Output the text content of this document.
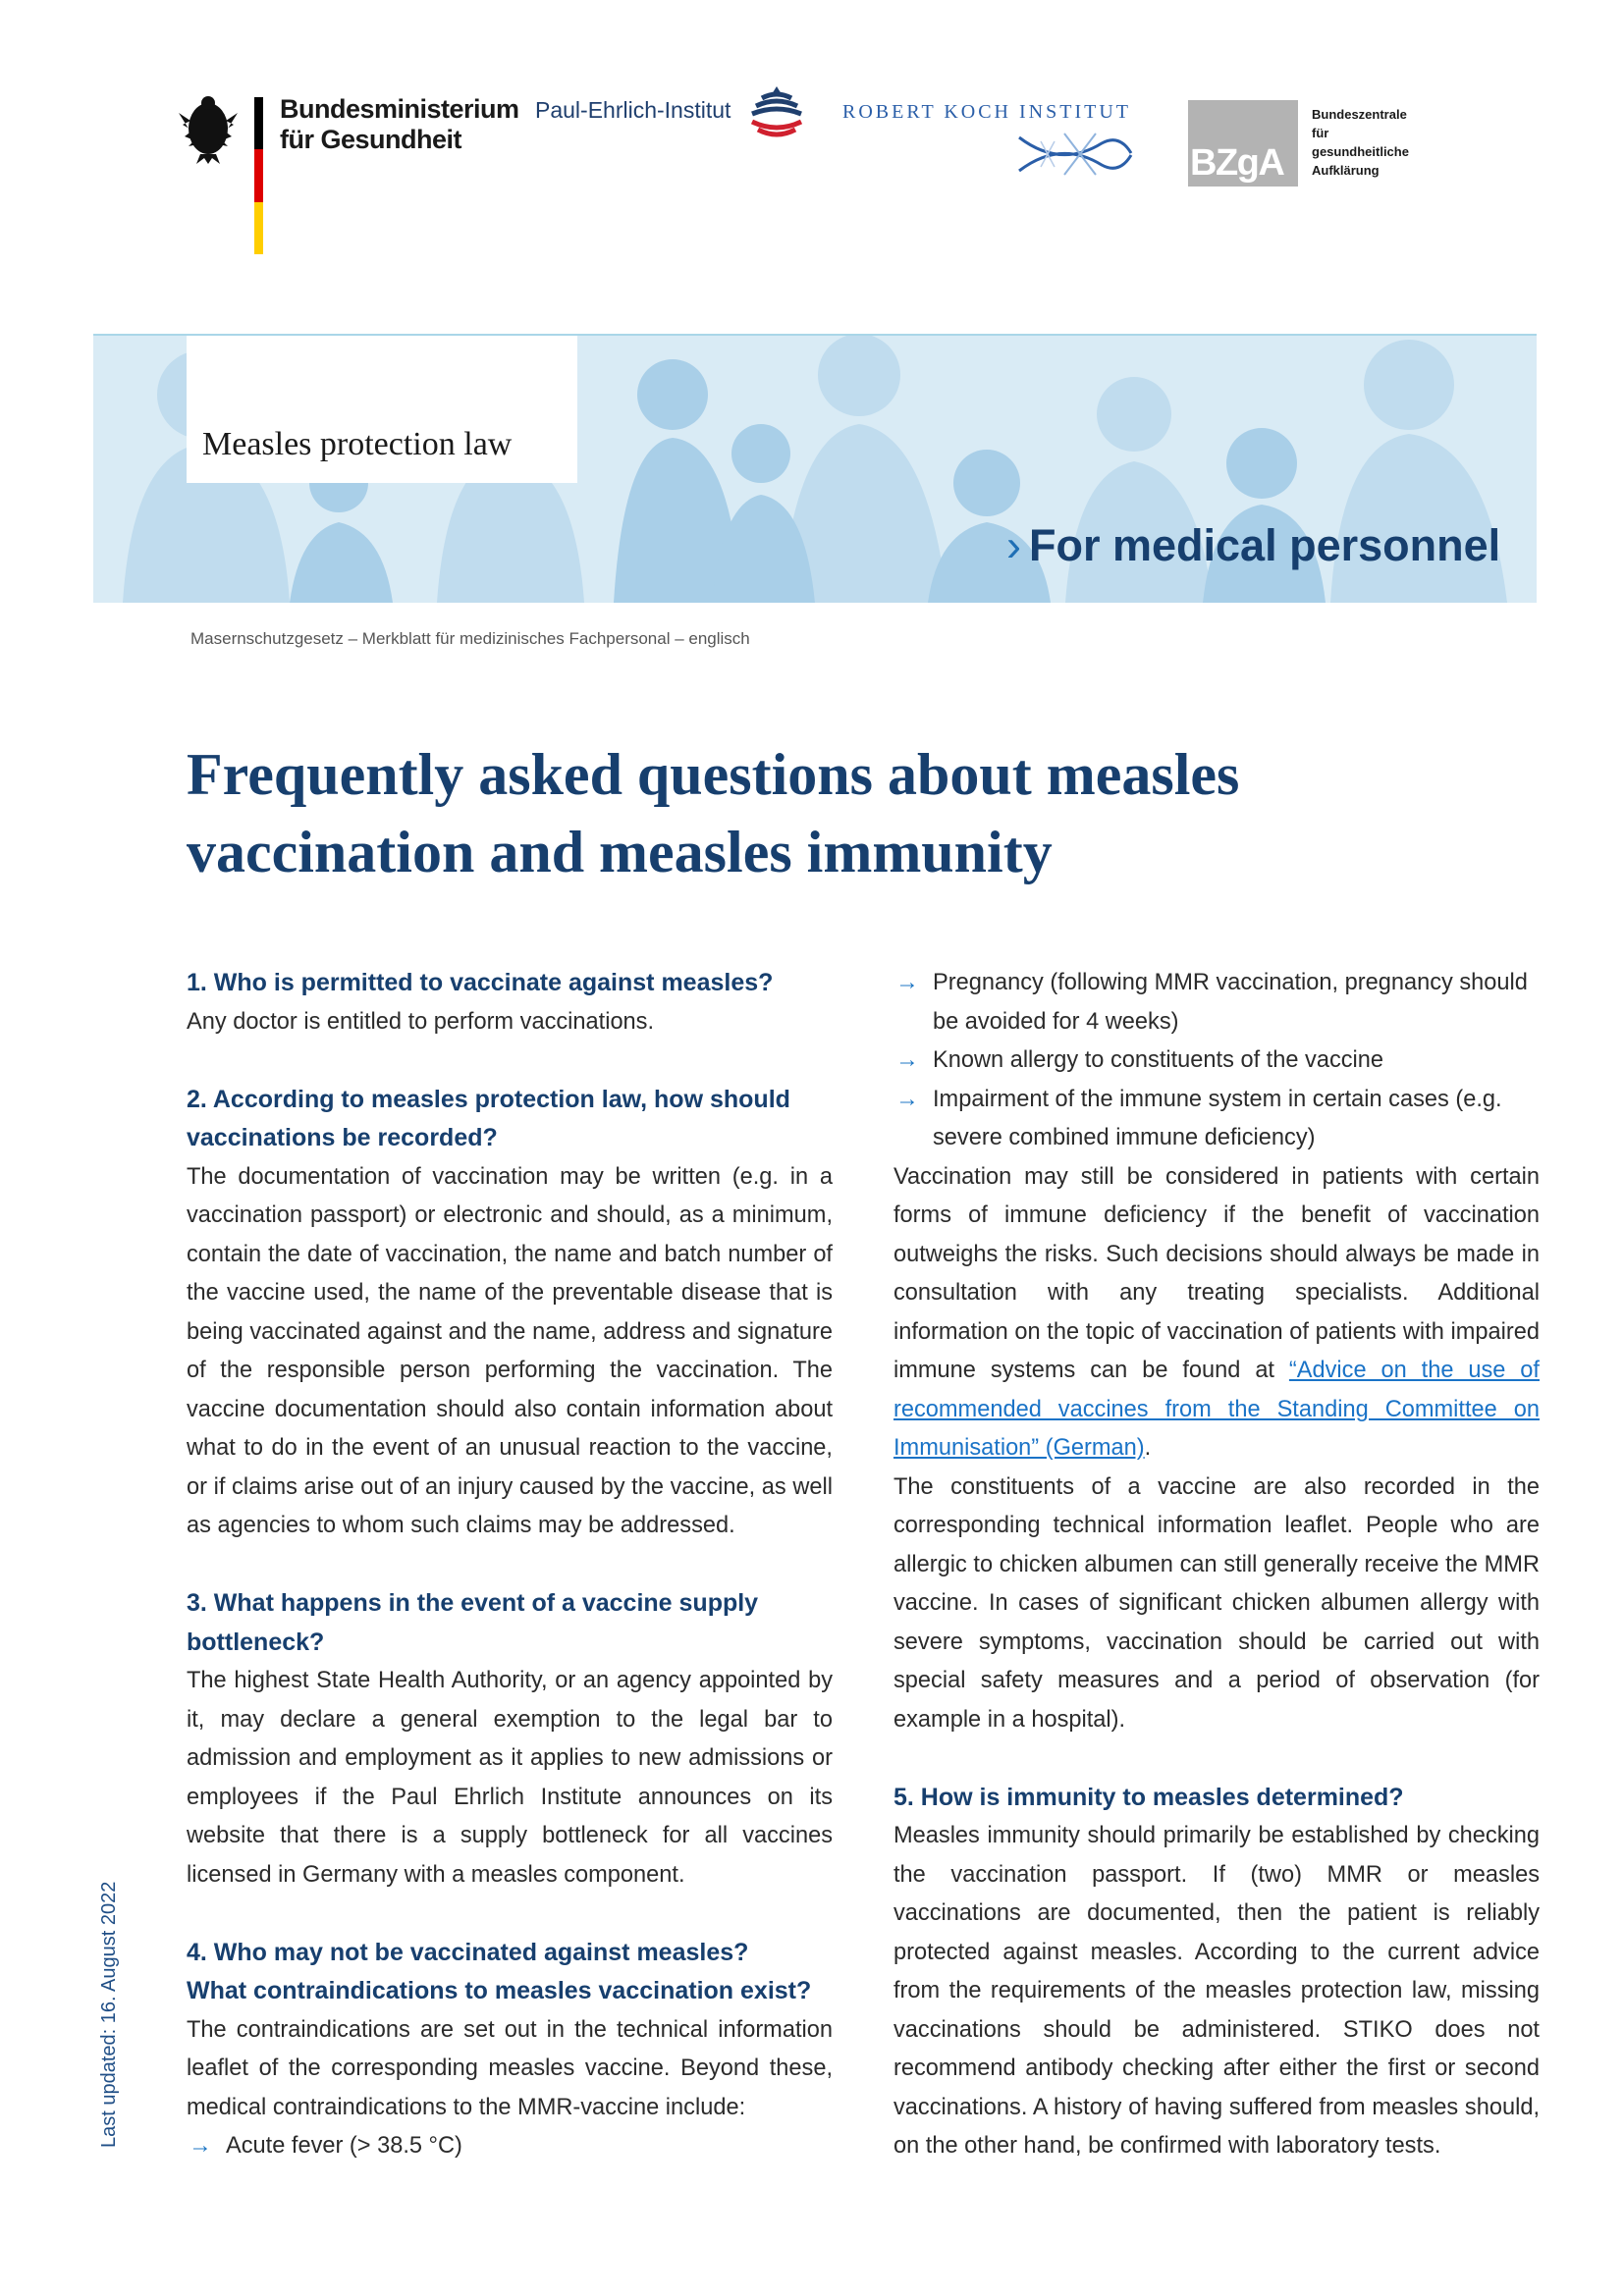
Bundesministerium
für Gesundheit
Paul-Ehrlich-Institut	ROBERT KOCH INSTITUT
BZgA
Bundeszentrale
für
gesundheitliche
Aufklärung
Measles protection law
› For medical personnel
Masernschutzgesetz – Merkblatt für medizinisches Fachpersonal – englisch
Frequently asked questions about measles
vaccination and measles immunity
1. Who is permitted to vaccinate against measles?

Any doctor is entitled to perform vaccinations.

2. According to measles protection law, how should vaccinations be recorded?

The documentation of vaccination may be written (e.g. in a vaccination passport) or electronic and should, as a minimum, contain the date of vaccination, the name and batch number of the vaccine used, the name of the preventable disease that is being vaccinated against and the name, address and signature of the responsible person performing the vaccination. The vaccine documentation should also contain information about what to do in the event of an unusual reaction to the vaccine, or if claims arise out of an injury caused by the vaccine, as well as agencies to whom such claims may be addressed.

3. What happens in the event of a vaccine supply bottleneck?

The highest State Health Authority, or an agency appointed by it, may declare a general exemption to the legal bar to admission and employment as it applies to new admissions or employees if the Paul Ehrlich Institute announces on its website that there is a supply bottleneck for all vaccines licensed in Germany with a measles component.

4. Who may not be vaccinated against measles?
What contraindications to measles vaccination exist?

The contraindications are set out in the technical information leaflet of the corresponding measles vaccine. Beyond these, medical contraindications to the MMR-vaccine include:

→ Acute fever (> 38.5 °C)
→ Pregnancy (following MMR vaccination, pregnancy should be avoided for 4 weeks)
→ Known allergy to constituents of the vaccine
→ Impairment of the immune system in certain cases (e.g. severe combined immune deficiency)

Vaccination may still be considered in patients with certain forms of immune deficiency if the benefit of vaccination outweighs the risks. Such decisions should always be made in consultation with any treating specialists. Additional information on the topic of vaccination of patients with impaired immune systems can be found at “Advice on the use of recommended vaccines from the Standing Committee on Immunisation” (German).

The constituents of a vaccine are also recorded in the corresponding technical information leaflet. People who are allergic to chicken albumen can still generally receive the MMR vaccine. In cases of significant chicken albumen allergy with severe symptoms, vaccination should be carried out with special safety measures and a period of observation (for example in a hospital).

5. How is immunity to measles determined?

Measles immunity should primarily be established by checking the vaccination passport. If (two) MMR or measles vaccinations are documented, then the patient is reliably protected against measles. According to the current advice from the requirements of the measles protection law, missing vaccinations should be administered. STIKO does not recommend antibody checking after either the first or second vaccinations. A history of having suffered from measles should, on the other hand, be confirmed with laboratory tests.

Last updated: 16. August 2022
